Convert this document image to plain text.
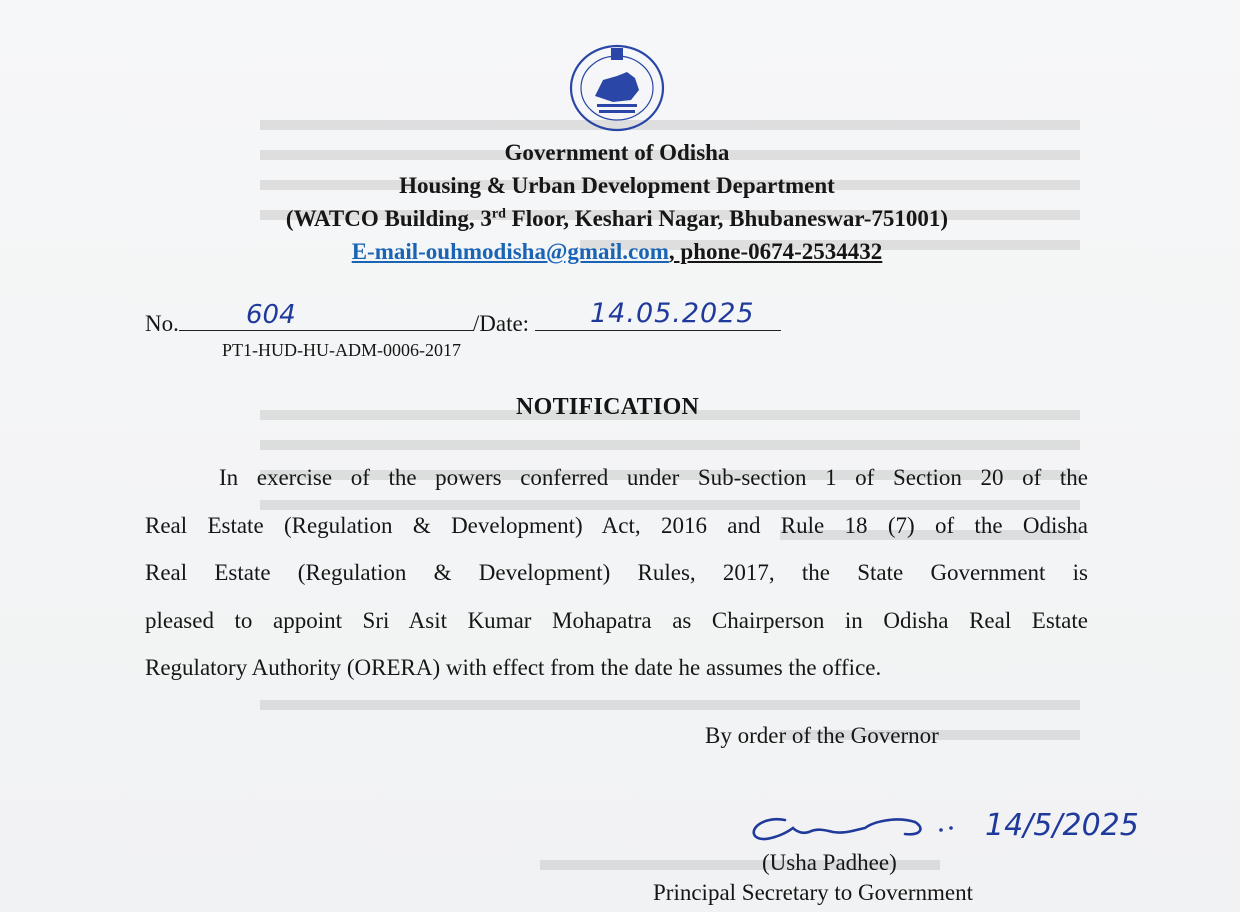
Government of Odisha
Housing & Urban Development Department
(WATCO Building, 3rd Floor, Keshari Nagar, Bhubaneswar-751001)
E-mail-ouhmodisha@gmail.com, phone-0674-2534432
No.	/Date:
604	14.05.2025
PT1-HUD-HU-ADM-0006-2017
NOTIFICATION
In exercise of the powers conferred under Sub-section 1 of Section 20 of the
Real Estate (Regulation & Development) Act, 2016 and Rule 18 (7) of the Odisha
Real Estate (Regulation & Development) Rules, 2017, the State Government is
pleased to appoint Sri Asit Kumar Mohapatra as Chairperson in Odisha Real Estate
Regulatory Authority (ORERA) with effect from the date he assumes the office.
By order of the Governor
14/5/2025
(Usha Padhee)
Principal Secretary to Government
